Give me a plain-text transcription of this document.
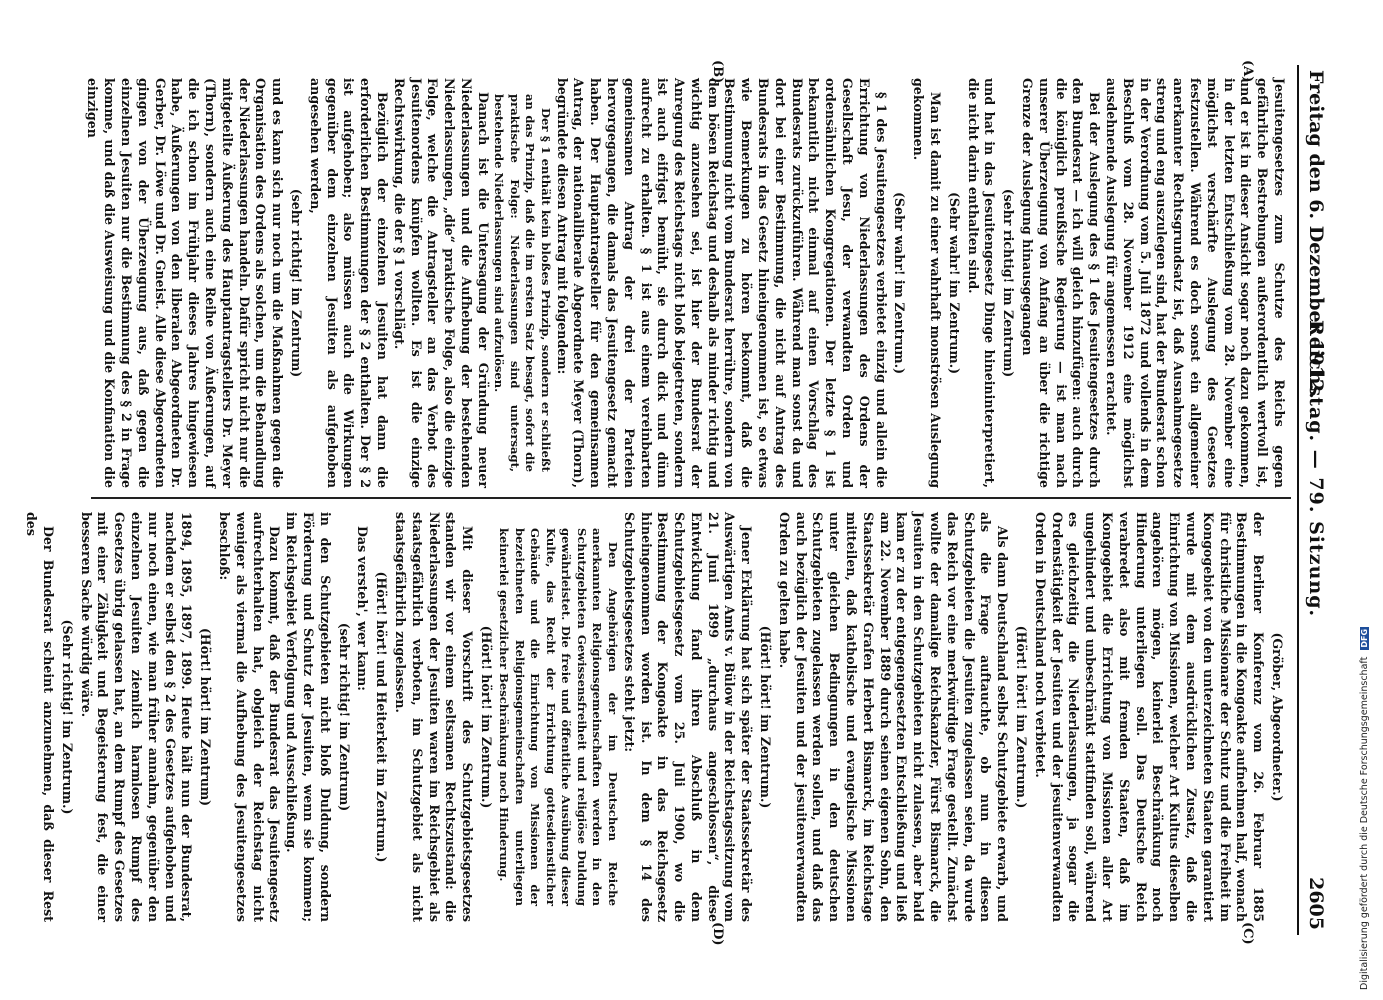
Freitag den 6. Dezember 1912.
Reichstag. — 79. Sitzung.
2605
(A)
(B)
(C)
(D)

(Gröber, Abgeordneter.)

der Berliner Konferenz vom 26. Februar 1885 Bestimmungen in die Kongoakte aufnehmen half, wonach für christliche Missionare der Schutz und die Freiheit im Kongogebiet von den unterzeichneten Staaten garantiert wurde mit dem ausdrücklichen Zusatz, daß die Einrichtung von Missionen, welcher Art Kultus dieselben angehören mögen, keinerlei Beschränkung noch Hinderung unterliegen soll. Das Deutsche Reich verabredet also mit fremden Staaten, daß im Kongogebiet die Errichtung von Missionen aller Art ungehindert und unbeschränkt stattfinden soll, während es gleichzeitig die Niederlassungen, ja sogar die Ordenstätigkeit der Jesuiten und der jesuitenverwandten Orden in Deutschland noch verbietet.

(Hört! hört! im Zentrum.)

Als dann Deutschland selbst Schutzgebiete erwarb, und als die Frage auftauchte, ob nun in diesen Schutzgebieten die Jesuiten zugelassen seien, da wurde das Reich vor eine merkwürdige Frage gestellt. Zunächst wollte der damalige Reichskanzler, Fürst Bismarck, die Jesuiten in den Schutzgebieten nicht zulassen, aber bald kam er zu der entgegengesetzten Entschließung und ließ am 22. November 1889 durch seinen eigenen Sohn, den Staatssekretär Grafen Herbert Bismarck, im Reichstage mitteilen, daß katholische und evangelische Missionen unter gleichen Bedingungen in den deutschen Schutzgebieten zugelassen werden sollen, und daß das auch bezüglich der Jesuiten und der jesuitenverwandten Orden zu gelten habe.

(Hört! hört! im Zentrum.)

Jener Erklärung hat sich später der Staatssekretär des Auswärtigen Amts v. Bülow in der Reichstagssitzung vom 21. Juni 1899 „durchaus angeschlossen“, diese Entwicklung fand ihren Abschluß in dem Schutzgebietsgesetz vom 25. Juli 1900, wo die Bestimmung der Kongoakte in das Reichsgesetz hineingenommen worden ist. In dem § 14 des Schutzgebietsgesetzes steht jetzt:

Den Angehörigen der im Deutschen Reiche anerkannten Religionsgemeinschaften werden in den Schutzgebieten Gewissensfreiheit und religiöse Duldung gewährleistet. Die freie und öffentliche Ausübung dieser Kulte, das Recht der Errichtung gottesdienstlicher Gebäude und die Einrichtung von Missionen der bezeichneten Religionsgemeinschaften unterliegen keinerlei gesetzlicher Beschränkung noch Hinderung.

(Hört! hört! im Zentrum.)

Mit dieser Vorschrift des Schutzgebietsgesetzes standen wir vor einem seltsamen Rechtszustand: die Niederlassungen der Jesuiten waren im Reichsgebiet als staatsgefährlich verboten, im Schutzgebiet als nicht staatsgefährlich zugelassen.

(Hört! hört! und Heiterkeit im Zentrum.)

Das versteh', wer kann:

(sehr richtig! im Zentrum)

in den Schutzgebieten nicht bloß Duldung, sondern Förderung und Schutz der Jesuiten, wenn sie kommen; im Reichsgebiet Verfolgung und Ausschließung.

Dazu kommt, daß der Bundesrat das Jesuitengesetz aufrechterhalten hat, obgleich der Reichstag nicht weniger als viermal die Aufhebung des Jesuitengesetzes beschloß:

(Hört! hört! im Zentrum)

1894, 1895, 1897, 1899. Heute hält nun der Bundesrat, nachdem er selbst den § 2 des Gesetzes aufgehoben und nur noch einen, wie man früher annahm, gegenüber den einzelnen Jesuiten ziemlich harmlosen Rumpf des Gesetzes übrig gelassen hat, an dem Rumpf des Gesetzes mit einer Zähigkeit und Begeisterung fest, die einer besseren Sache würdig wäre.

(Sehr richtig! im Zentrum.)

Der Bundesrat scheint anzunehmen, daß dieser Rest des

Jesuitengesetzes zum Schutze des Reichs gegen gefährliche Bestrebungen außerordentlich wertvoll ist, und er ist in dieser Ansicht sogar noch dazu gekommen, in der letzten Entschließung vom 28. November eine möglichst verschärfte Auslegung des Gesetzes festzustellen. Während es doch sonst ein allgemeiner anerkannter Rechtsgrundsatz ist, daß Ausnahmegesetze streng und eng auszulegen sind, hat der Bundesrat schon in der Verordnung vom 5. Juli 1872 und vollends in dem Beschluß vom 28. November 1912 eine möglichst ausdehnende Auslegung für angemessen erachtet.

Bei der Auslegung des § 1 des Jesuitengesetzes durch den Bundesrat — ich will gleich hinzufügen: auch durch die königlich preußische Regierung — ist man nach unserer Überzeugung von Anfang an über die richtige Grenze der Auslegung hinausgegangen

(sehr richtig! im Zentrum)

und hat in das Jesuitengesetz Dinge hineininterpretiert, die nicht darin enthalten sind.

(Sehr wahr! im Zentrum.)

Man ist damit zu einer wahrhaft monströsen Auslegung gekommen.

(Sehr wahr! im Zentrum.)

§ 1 des Jesuitengesetzes verbietet einzig und allein die Errichtung von Niederlassungen des Ordens der Gesellschaft Jesu, der verwandten Orden und ordensähnlichen Kongregationen. Der letzte § 1 ist bekanntlich nicht einmal auf einen Vorschlag des Bundesrats zurückzuführen. Während man sonst da und dort bei einer Bestimmung, die nicht auf Antrag des Bundesrats in das Gesetz hineingenommen ist, so etwas wie Bemerkungen zu hören bekommt, daß die Bestimmung nicht vom Bundesrat herrühre, sondern von dem bösen Reichstag und deshalb als minder richtig und wichtig anzusehen sei, ist hier der Bundesrat der Anregung des Reichstags nicht bloß beigetreten, sondern ist auch eifrigst bemüht, sie durch dick und dünn aufrecht zu erhalten. § 1 ist aus einem vereinbarten gemeinsamen Antrag der drei der Parteien hervorgegangen, die damals das Jesuitengesetz gemacht haben. Der Hauptantragsteller für den gemeinsamen Antrag, der nationalliberale Abgeordnete Meyer (Thorn), begründete diesen Antrag mit folgendem:

Der § 1 enthält kein bloßes Prinzip, sondern er schließt an das Prinzip, daß die im ersten Satz besagt, sofort die praktische Folge: Niederlassungen sind untersagt, bestehende Niederlassungen sind aufzulösen.

Danach ist die Untersagung der Gründung neuer Niederlassungen und die Aufhebung der bestehenden Niederlassungen, „die“ praktische Folge, also die einzige Folge, welche die Antragsteller an das Verbot des Jesuitenordens knüpfen wollten. Es ist die einzige Rechtswirkung, die der § 1 vorschlägt.

Bezüglich der einzelnen Jesuiten hat dann die erforderlichen Bestimmungen der § 2 enthalten. Der § 2 ist aufgehoben; also müssen auch die Wirkungen gegenüber dem einzelnen Jesuiten als aufgehoben angesehen werden,

(sehr richtig! im Zentrum)

und es kann sich nur noch um die Maßnahmen gegen die Organisation des Ordens als solchen, um die Behandlung der Niederlassungen handeln. Dafür spricht nicht nur die mitgeteilte Äußerung des Hauptantragstellers Dr. Meyer (Thorn), sondern auch eine Reihe von Äußerungen, auf die ich schon im Frühjahr dieses Jahres hingewiesen habe, Äußerungen von den liberalen Abgeordneten Dr. Gerber, Dr. Löwe und Dr. Gneist. Alle diese Abgeordneten gingen von der Überzeugung aus, daß gegen die einzelnen Jesuiten nur die Bestimmung des § 2 in Frage komme, und daß die Ausweisung und die Konfination die einzigen

Digitalisierung gefördert durch die Deutsche Forschungsgemeinschaft DFG
